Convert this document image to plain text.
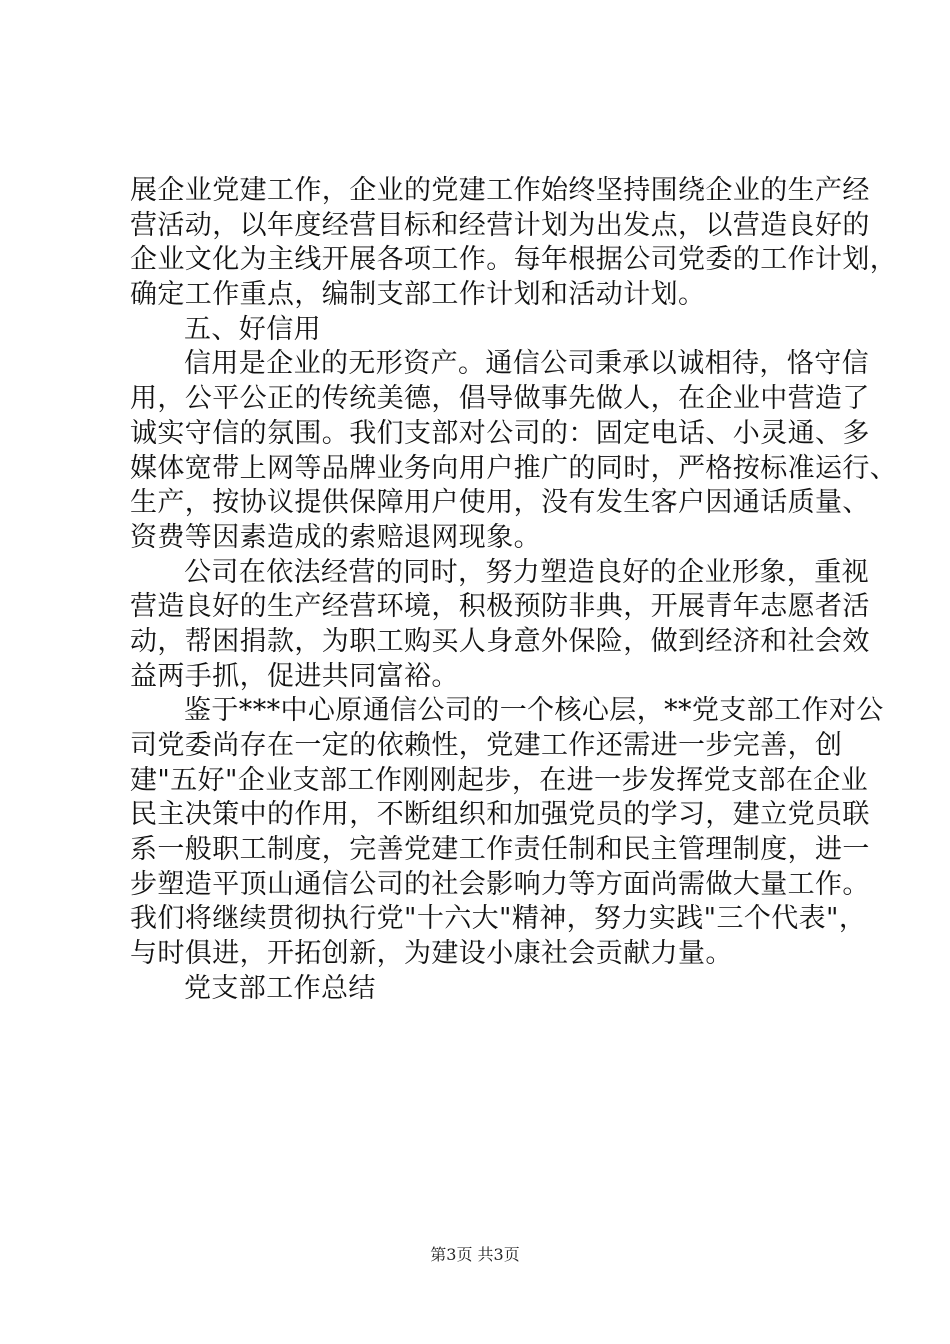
展企业党建工作，企业的党建工作始终坚持围绕企业的生产经
营活动，以年度经营目标和经营计划为出发点，以营造良好的
企业文化为主线开展各项工作。每年根据公司党委的工作计划，
确定工作重点，编制支部工作计划和活动计划。
五、好信用
信用是企业的无形资产。通信公司秉承以诚相待，恪守信
用，公平公正的传统美德，倡导做事先做人，在企业中营造了
诚实守信的氛围。我们支部对公司的：固定电话、小灵通、多
媒体宽带上网等品牌业务向用户推广的同时，严格按标准运行、
生产，按协议提供保障用户使用，没有发生客户因通话质量、
资费等因素造成的索赔退网现象。
公司在依法经营的同时，努力塑造良好的企业形象，重视
营造良好的生产经营环境，积极预防非典，开展青年志愿者活
动，帮困捐款，为职工购买人身意外保险，做到经济和社会效
益两手抓，促进共同富裕。
鉴于***中心原通信公司的一个核心层，**党支部工作对公
司党委尚存在一定的依赖性，党建工作还需进一步完善，创
建"五好"企业支部工作刚刚起步，在进一步发挥党支部在企业
民主决策中的作用，不断组织和加强党员的学习，建立党员联
系一般职工制度，完善党建工作责任制和民主管理制度，进一
步塑造平顶山通信公司的社会影响力等方面尚需做大量工作。
我们将继续贯彻执行党"十六大"精神，努力实践"三个代表"，
与时俱进，开拓创新，为建设小康社会贡献力量。
党支部工作总结
第3页 共3页
